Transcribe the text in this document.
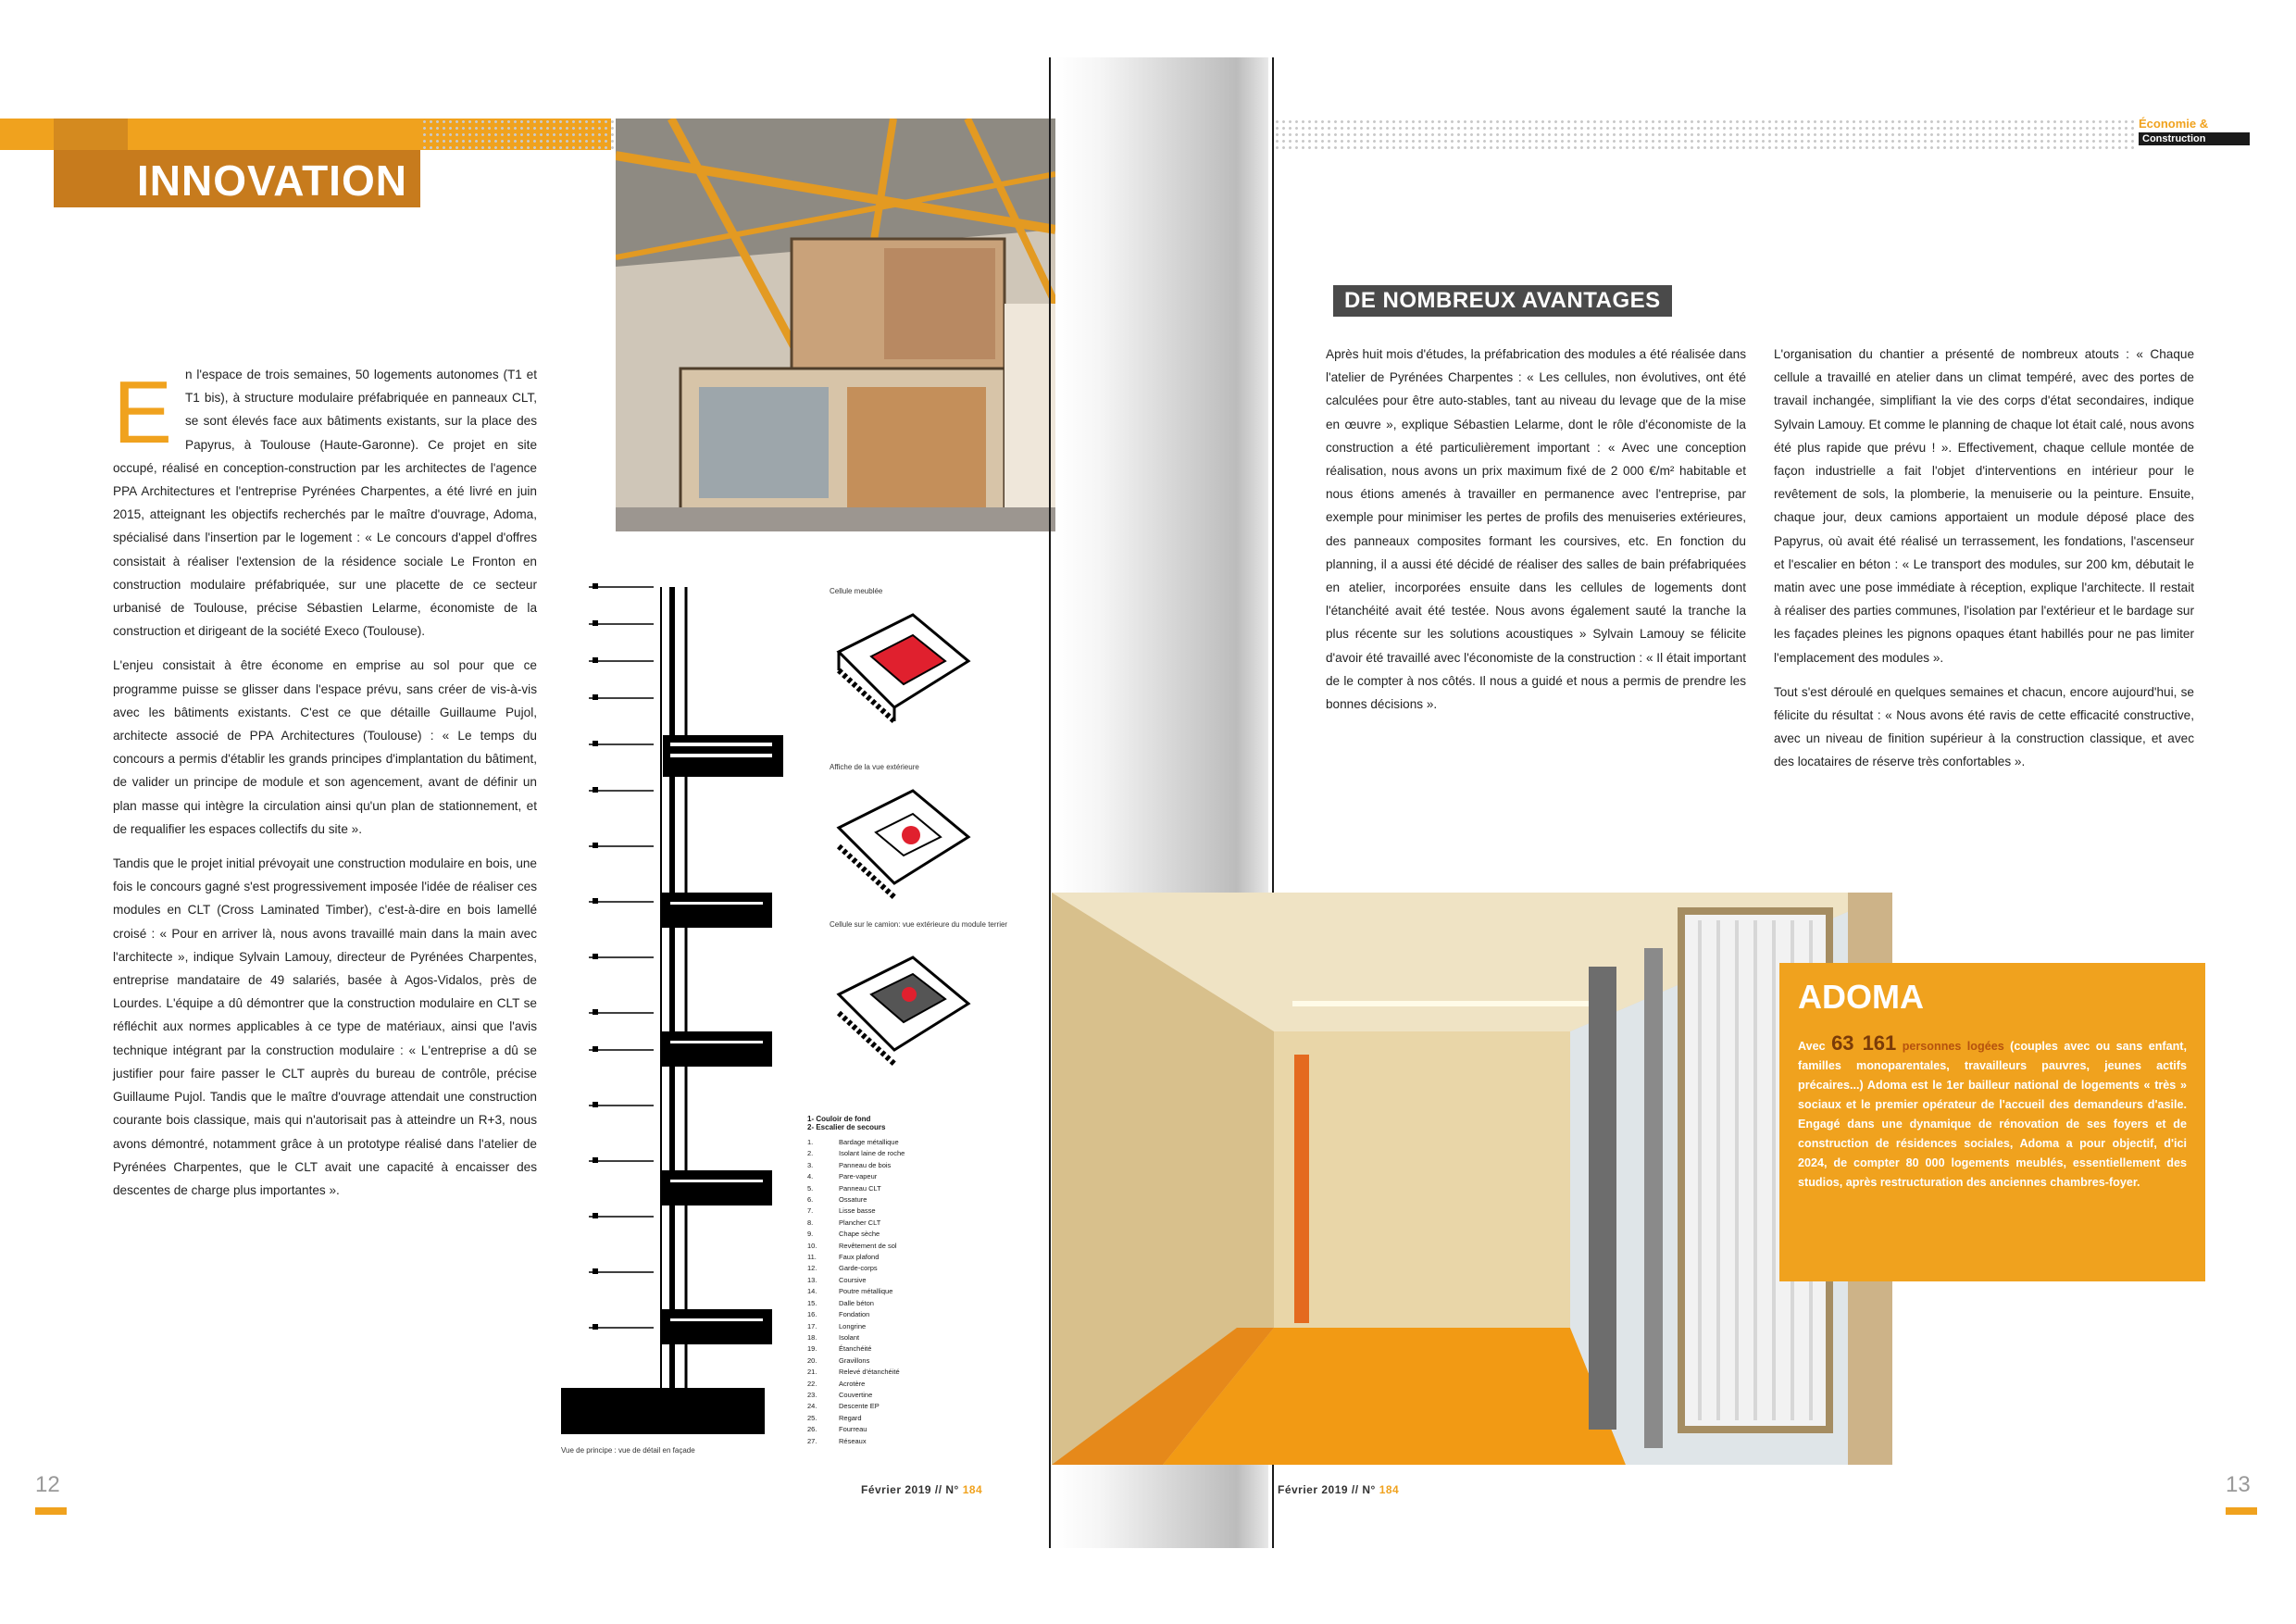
INNOVATION
E	n l'espace de trois semaines, 50 logements autonomes (T1 et T1 bis), à structure modulaire préfabriquée en panneaux CLT, se sont élevés face aux bâtiments existants, sur la place des Papyrus, à Toulouse (Haute-Garonne). Ce projet en site occupé, réalisé en conception-construction par les architectes de l'agence PPA Architectures et l'entreprise Pyrénées Charpentes, a été livré en juin 2015, atteignant les objectifs recherchés par le maître d'ouvrage, Adoma, spécialisé dans l'insertion par le logement : « Le concours d'appel d'offres consistait à réaliser l'extension de la résidence sociale Le Fronton en construction modulaire préfabriquée, sur une placette de ce secteur urbanisé de Toulouse, précise Sébastien Lelarme, économiste de la construction et dirigeant de la société Execo (Toulouse).

L'enjeu consistait à être économe en emprise au sol pour que ce programme puisse se glisser dans l'espace prévu, sans créer de vis-à-vis avec les bâtiments existants. C'est ce que détaille Guillaume Pujol, architecte associé de PPA Architectures (Toulouse) : « Le temps du concours a permis d'établir les grands principes d'implantation du bâtiment, de valider un principe de module et son agencement, avant de définir un plan masse qui intègre la circulation ainsi qu'un plan de stationnement, et de requalifier les espaces collectifs du site ».

Tandis que le projet initial prévoyait une construction modulaire en bois, une fois le concours gagné s'est progressivement imposée l'idée de réaliser ces modules en CLT (Cross Laminated Timber), c'est-à-dire en bois lamellé croisé : « Pour en arriver là, nous avons travaillé main dans la main avec l'architecte », indique Sylvain Lamouy, directeur de Pyrénées Charpentes, entreprise mandataire de 49 salariés, basée à Agos-Vidalos, près de Lourdes. L'équipe a dû démontrer que la construction modulaire en CLT se réfléchit aux normes applicables à ce type de matériaux, ainsi que l'avis technique intégrant par la construction modulaire : « L'entreprise a dû se justifier pour faire passer le CLT auprès du bureau de contrôle, précise Guillaume Pujol. Tandis que le maître d'ouvrage attendait une construction courante bois classique, mais qui n'autorisait pas à atteindre un R+3, nous avons démontré, notamment grâce à un prototype réalisé dans l'atelier de Pyrénées Charpentes, que le CLT avait une capacité à encaisser des descentes de charge plus importantes ».

Vue de principe : vue de détail en façade
Cellule meublée
Affiche de la vue extérieure
Cellule sur le camion: vue extérieure du module terrier
1- Couloir de fond
2- Escalier de secours
1.	Bardage métallique
2.	Isolant laine de roche
3.	Panneau de bois
4.	Pare-vapeur
5.	Panneau CLT
6.	Ossature
7.	Lisse basse
8.	Plancher CLT
9.	Chape sèche
10.	Revêtement de sol
11.	Faux plafond
12.	Garde-corps
13.	Coursive
14.	Poutre métallique
15.	Dalle béton
16.	Fondation
17.	Longrine
18.	Isolant
19.	Étanchéité
20.	Gravillons
21.	Relevé d'étanchéité
22.	Acrotère
23.	Couvertine
24.	Descente EP
25.	Regard
26.	Fourreau
27.	Réseaux
12	Février 2019 // N° 184
Économie &
Construction
DE NOMBREUX AVANTAGES

Après huit mois d'études, la préfabrication des modules a été réalisée dans l'atelier de Pyrénées Charpentes : « Les cellules, non évolutives, ont été calculées pour être auto-stables, tant au niveau du levage que de la mise en œuvre », explique Sébastien Lelarme, dont le rôle d'économiste de la construction a été particulièrement important : « Avec une conception réalisation, nous avons un prix maximum fixé de 2 000 €/m² habitable et nous étions amenés à travailler en permanence avec l'entreprise, par exemple pour minimiser les pertes de profils des menuiseries extérieures, des panneaux composites formant les coursives, etc. En fonction du planning, il a aussi été décidé de réaliser des salles de bain préfabriquées en atelier, incorporées ensuite dans les cellules de logements dont l'étanchéité avait été testée. Nous avons également sauté la tranche la plus récente sur les solutions acoustiques » Sylvain Lamouy se félicite d'avoir été travaillé avec l'économiste de la construction : « Il était important de le compter à nos côtés. Il nous a guidé et nous a permis de prendre les bonnes décisions ».

L'organisation du chantier a présenté de nombreux atouts : « Chaque cellule a travaillé en atelier dans un climat tempéré, avec des portes de travail inchangée, simplifiant la vie des corps d'état secondaires, indique Sylvain Lamouy. Et comme le planning de chaque lot était calé, nous avons été plus rapide que prévu ! ». Effectivement, chaque cellule montée de façon industrielle a fait l'objet d'interventions en intérieur pour le revêtement de sols, la plomberie, la menuiserie ou la peinture. Ensuite, chaque jour, deux camions apportaient un module déposé place des Papyrus, où avait été réalisé un terrassement, les fondations, l'ascenseur et l'escalier en béton : « Le transport des modules, sur 200 km, débutait le matin avec une pose immédiate à réception, explique l'architecte. Il restait à réaliser des parties communes, l'isolation par l'extérieur et le bardage sur les façades pleines les pignons opaques étant habillés pour ne pas limiter l'emplacement des modules ».

Tout s'est déroulé en quelques semaines et chacun, encore aujourd'hui, se félicite du résultat : « Nous avons été ravis de cette efficacité constructive, avec un niveau de finition supérieur à la construction classique, et avec des locataires de réserve très confortables ».

13
Février 2019 // N° 184
ADOMA
Avec 63 161 personnes logées (couples avec ou sans enfant, familles monoparentales, travailleurs pauvres, jeunes actifs précaires...) Adoma est le 1er bailleur national de logements « très » sociaux et le premier opérateur de l'accueil des demandeurs d'asile. Engagé dans une dynamique de rénovation de ses foyers et de construction de résidences sociales, Adoma a pour objectif, d'ici 2024, de compter 80 000 logements meublés, essentiellement des studios, après restructuration des anciennes chambres-foyer.
